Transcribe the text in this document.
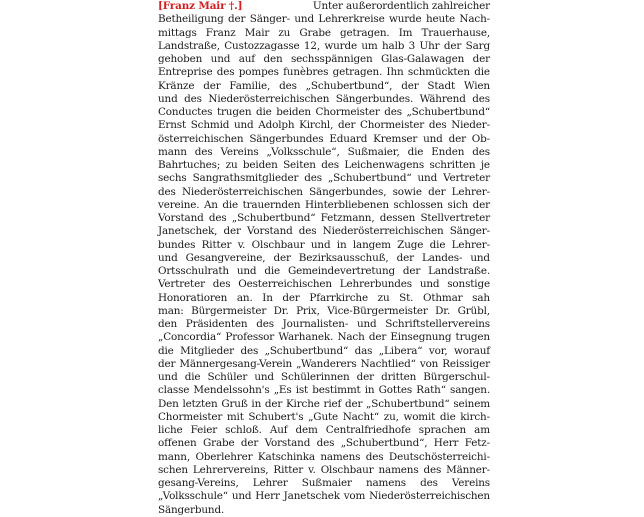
[Franz Mair †.]	Unter außerordentlich zahlreicher
Betheiligung der Sänger- und Lehrerkreise wurde heute Nach-
mittags Franz Mair zu Grabe getragen. Im Trauerhause,
Landstraße, Custozzagasse 12, wurde um halb 3 Uhr der Sarg
gehoben und auf den sechsspännigen Glas-Galawagen der
Entreprise des pompes funèbres getragen. Ihn schmückten die
Kränze der Familie, des „Schubertbund“, der Stadt Wien
und des Niederösterreichischen Sängerbundes. Während des
Conductes trugen die beiden Chormeister des „Schubertbund“
Ernst Schmid und Adolph Kirchl, der Chormeister des Nieder-
österreichischen Sängerbundes Eduard Kremser und der Ob-
mann des Vereins „Volksschule“, Sußmaier, die Enden des
Bahrtuches; zu beiden Seiten des Leichenwagens schritten je
sechs Sangrathsmitglieder des „Schubertbund“ und Vertreter
des Niederösterreichischen Sängerbundes, sowie der Lehrer-
vereine. An die trauernden Hinterbliebenen schlossen sich der
Vorstand des „Schubertbund“ Fetzmann, dessen Stellvertreter
Janetschek, der Vorstand des Niederösterreichischen Sänger-
bundes Ritter v. Olschbaur und in langem Zuge die Lehrer-
und Gesangvereine, der Bezirksausschuß, der Landes- und
Ortsschulrath und die Gemeindevertretung der Landstraße.
Vertreter des Oesterreichischen Lehrerbundes und sonstige
Honoratioren an. In der Pfarrkirche zu St. Othmar sah
man: Bürgermeister Dr. Prix, Vice-Bürgermeister Dr. Grübl,
den Präsidenten des Journalisten- und Schriftstellervereins
„Concordia“ Professor Warhanek. Nach der Einsegnung trugen
die Mitglieder des „Schubertbund“ das „Libera“ vor, worauf
der Männergesang-Verein „Wanderers Nachtlied“ von Reissiger
und die Schüler und Schülerinnen der dritten Bürgerschul-
classe Mendelssohn's „Es ist bestimmt in Gottes Rath“ sangen.
Den letzten Gruß in der Kirche rief der „Schubertbund“ seinem
Chormeister mit Schubert's „Gute Nacht“ zu, womit die kirch-
liche Feier schloß. Auf dem Centralfriedhofe sprachen am
offenen Grabe der Vorstand des „Schubertbund“, Herr Fetz-
mann, Oberlehrer Katschinka namens des Deutschösterreichi-
schen Lehrervereins, Ritter v. Olschbaur namens des Männer-
gesang-Vereins, Lehrer Sußmaier namens des Vereins
„Volksschule“ und Herr Janetschek vom Niederösterreichischen
Sängerbund.
